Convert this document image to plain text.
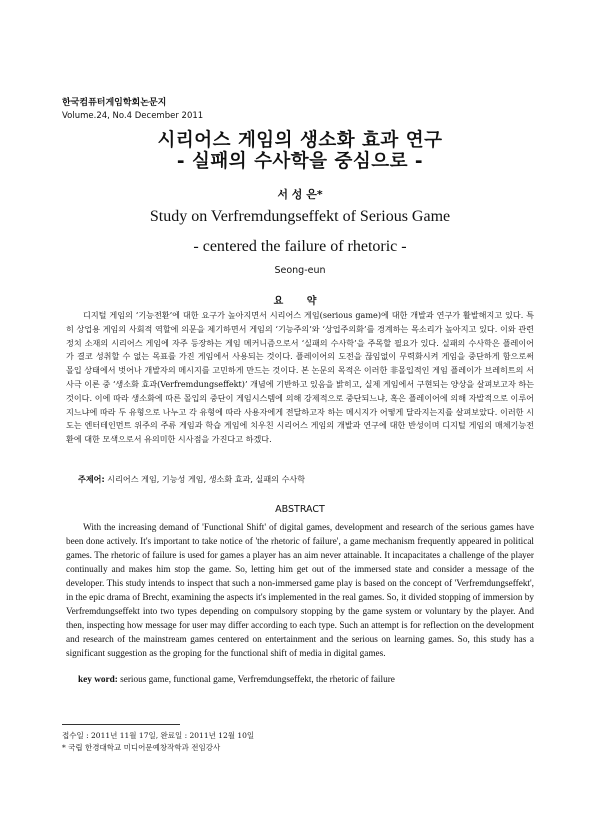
한국컴퓨터게임학회논문지
Volume.24, No.4 December 2011
시리어스 게임의 생소화 효과 연구
- 실패의 수사학을 중심으로 -
서 성 은*
Study on Verfremdungseffekt of Serious Game
- centered the failure of rhetoric -
Seong-eun
요 약

디지털 게임의 ‘기능전환’에 대한 요구가 높아지면서 시리어스 게임(serious game)에 대한 개발과 연구가 활발해지고 있다. 특히 상업용 게임의 사회적 역할에 의문을 제기하면서 게임의 ‘기능주의’와 ‘상업주의화’를 경계하는 목소리가 높아지고 있다. 이와 관련 정치 소재의 시리어스 게임에 자주 등장하는 게임 메커니즘으로서 ‘실패의 수사학’을 주목할 필요가 있다. 실패의 수사학은 플레이어가 결코 성취할 수 없는 목표를 가진 게임에서 사용되는 것이다. 플레이어의 도전을 끊임없이 무력화시켜 게임을 중단하게 함으로써 몰입 상태에서 벗어나 개발자의 메시지를 고민하게 만드는 것이다. 본 논문의 목적은 이러한 非몰입적인 게임 플레이가 브레히트의 서사극 이론 중 ‘생소화 효과(Verfremdungseffekt)’ 개념에 기반하고 있음을 밝히고, 실제 게임에서 구현되는 양상을 살펴보고자 하는 것이다. 이에 따라 생소화에 따른 몰입의 중단이 게임시스템에 의해 강제적으로 중단되느냐, 혹은 플레이어에 의해 자발적으로 이루어지느냐에 따라 두 유형으로 나누고 각 유형에 따라 사용자에게 전달하고자 하는 메시지가 어떻게 달라지는지를 살펴보았다. 이러한 시도는 엔터테인먼트 위주의 주류 게임과 학습 게임에 치우친 시리어스 게임의 개발과 연구에 대한 반성이며 디지털 게임의 매체기능전환에 대한 모색으로서 유의미한 시사점을 가진다고 하겠다.

주제어: 시리어스 게임, 기능성 게임, 생소화 효과, 실패의 수사학
ABSTRACT

With the increasing demand of 'Functional Shift' of digital games, development and research of the serious games have been done actively. It's important to take notice of 'the rhetoric of failure', a game mechanism frequently appeared in political games. The rhetoric of failure is used for games a player has an aim never attainable. It incapacitates a challenge of the player continually and makes him stop the game. So, letting him get out of the immersed state and consider a message of the developer. This study intends to inspect that such a non-immersed game play is based on the concept of 'Verfremdungseffekt', in the epic drama of Brecht, examining the aspects it's implemented in the real games. So, it divided stopping of immersion by Verfremdungseffekt into two types depending on compulsory stopping by the game system or voluntary by the player. And then, inspecting how message for user may differ according to each type. Such an attempt is for reflection on the development and research of the mainstream games centered on entertainment and the serious on learning games. So, this study has a significant suggestion as the groping for the functional shift of media in digital games.

key word: serious game, functional game, Verfremdungseffekt, the rhetoric of failure
접수일 : 2011년 11월 17일, 완료일 : 2011년 12월 10일
* 국립 한경대학교 미디어문예창작학과 전임강사
